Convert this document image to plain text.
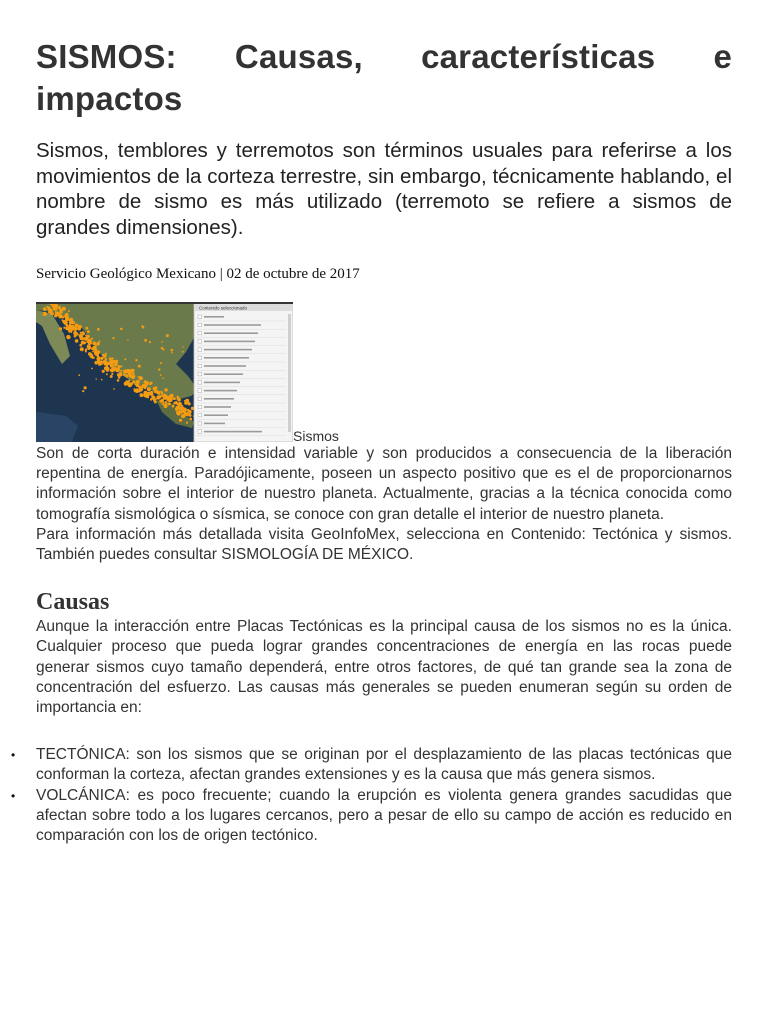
SISMOS: Causas, características e impactos

Sismos, temblores y terremotos son términos usuales para referirse a los movimientos de la corteza terrestre, sin embargo, técnicamente hablando, el nombre de sismo es más utilizado (terremoto se refiere a sismos de grandes dimensiones).

Servicio Geológico Mexicano | 02 de octubre de 2017
Contenido seleccionado
Sismos

Son de corta duración e intensidad variable y son producidos a consecuencia de la liberación repentina de energía. Paradójicamente, poseen un aspecto positivo que es el de proporcionarnos información sobre el interior de nuestro planeta. Actualmente, gracias a la técnica conocida como tomografía sismológica o sísmica, se conoce con gran detalle el interior de nuestro planeta.

Para información más detallada visita GeoInfoMex, selecciona en Contenido: Tectónica y sismos. También puedes consultar SISMOLOGÍA DE MÉXICO.

Causas

Aunque la interacción entre Placas Tectónicas es la principal causa de los sismos no es la única. Cualquier proceso que pueda lograr grandes concentraciones de energía en las rocas puede generar sismos cuyo tamaño dependerá, entre otros factores, de qué tan grande sea la zona de concentración del esfuerzo. Las causas más generales se pueden enumeran según su orden de importancia en:

• TECTÓNICA: son los sismos que se originan por el desplazamiento de las placas tectónicas que conforman la corteza, afectan grandes extensiones y es la causa que más genera sismos.
• VOLCÁNICA: es poco frecuente; cuando la erupción es violenta genera grandes sacudidas que afectan sobre todo a los lugares cercanos, pero a pesar de ello su campo de acción es reducido en comparación con los de origen tectónico.
